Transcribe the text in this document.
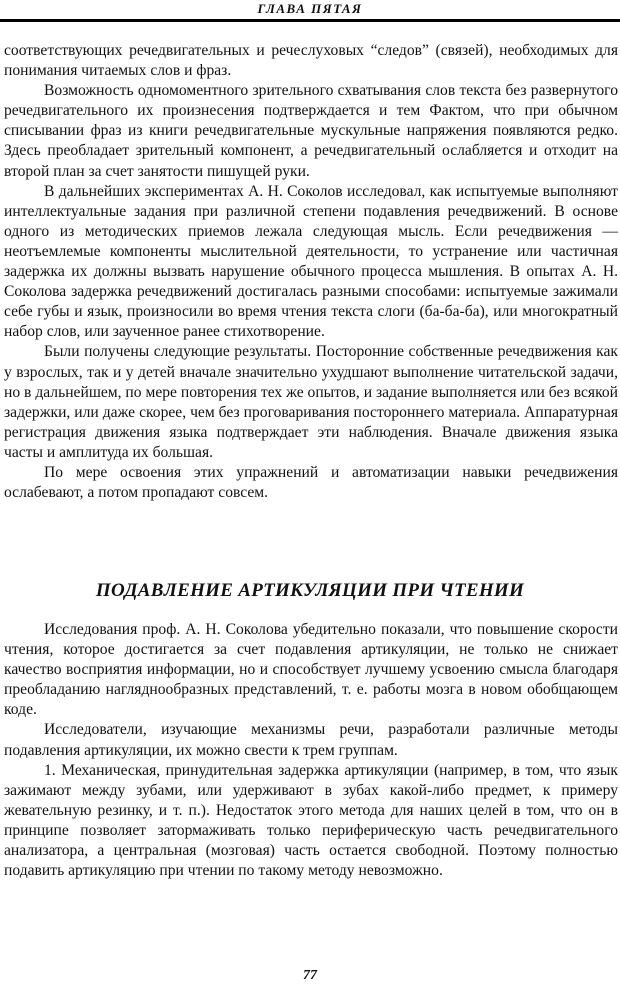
ГЛАВА ПЯТАЯ

соответствующих речедвигательных и речеслуховых “следов” (связей), необходимых для понимания читаемых слов и фраз.

Возможность одномоментного зрительного схватывания слов текста без развернутого речедвигательного их произнесения подтверждается и тем Фактом, что при обычном списывании фраз из книги речедвигательные мускульные напряжения появляются редко. Здесь преобладает зрительный компонент, а речедвигательный ослабляется и отходит на второй план за счет занятости пишущей руки.

В дальнейших экспериментах А. Н. Соколов исследовал, как испытуемые выполняют интеллектуальные задания при различной степени подавления речедвижений. В основе одного из методических приемов лежала следующая мысль. Если речедвижения — неотъемлемые компоненты мыслительной деятельности, то устранение или частичная задержка их должны вызвать нарушение обычного процесса мышления. В опытах А. Н. Соколова задержка речедвижений достигалась разными способами: испытуемые зажимали себе губы и язык, произносили во время чтения текста слоги (ба-ба-ба), или многократный набор слов, или заученное ранее стихотворение.

Были получены следующие результаты. Посторонние собственные речедвижения как у взрослых, так и у детей вначале значительно ухудшают выполнение читательской задачи, но в дальнейшем, по мере повторения тех же опытов, и задание выполняется или без всякой задержки, или даже скорее, чем без проговаривания постороннего материала. Аппаратурная регистрация движения языка подтверждает эти наблюдения. Вначале движения языка часты и амплитуда их большая.

По мере освоения этих упражнений и автоматизации навыки речедвижения ослабевают, а потом пропадают совсем.

ПОДАВЛЕНИЕ АРТИКУЛЯЦИИ ПРИ ЧТЕНИИ

Исследования проф. А. Н. Соколова убедительно показали, что повышение скорости чтения, которое достигается за счет подавления артикуляции, не только не снижает качество восприятия информации, но и способствует лучшему усвоению смысла благодаря преобладанию нагляднообразных представлений, т. е. работы мозга в новом обобщающем коде.

Исследователи, изучающие механизмы речи, разработали различные методы подавления артикуляции, их можно свести к трем группам.

1. Механическая, принудительная задержка артикуляции (например, в том, что язык зажимают между зубами, или удерживают в зубах какой-либо предмет, к примеру жевательную резинку, и т. п.). Недостаток этого метода для наших целей в том, что он в принципе позволяет затормаживать только периферическую часть речедвигательного анализатора, а центральная (мозговая) часть остается свободной. Поэтому полностью подавить артикуляцию при чтении по такому методу невозможно.

77
